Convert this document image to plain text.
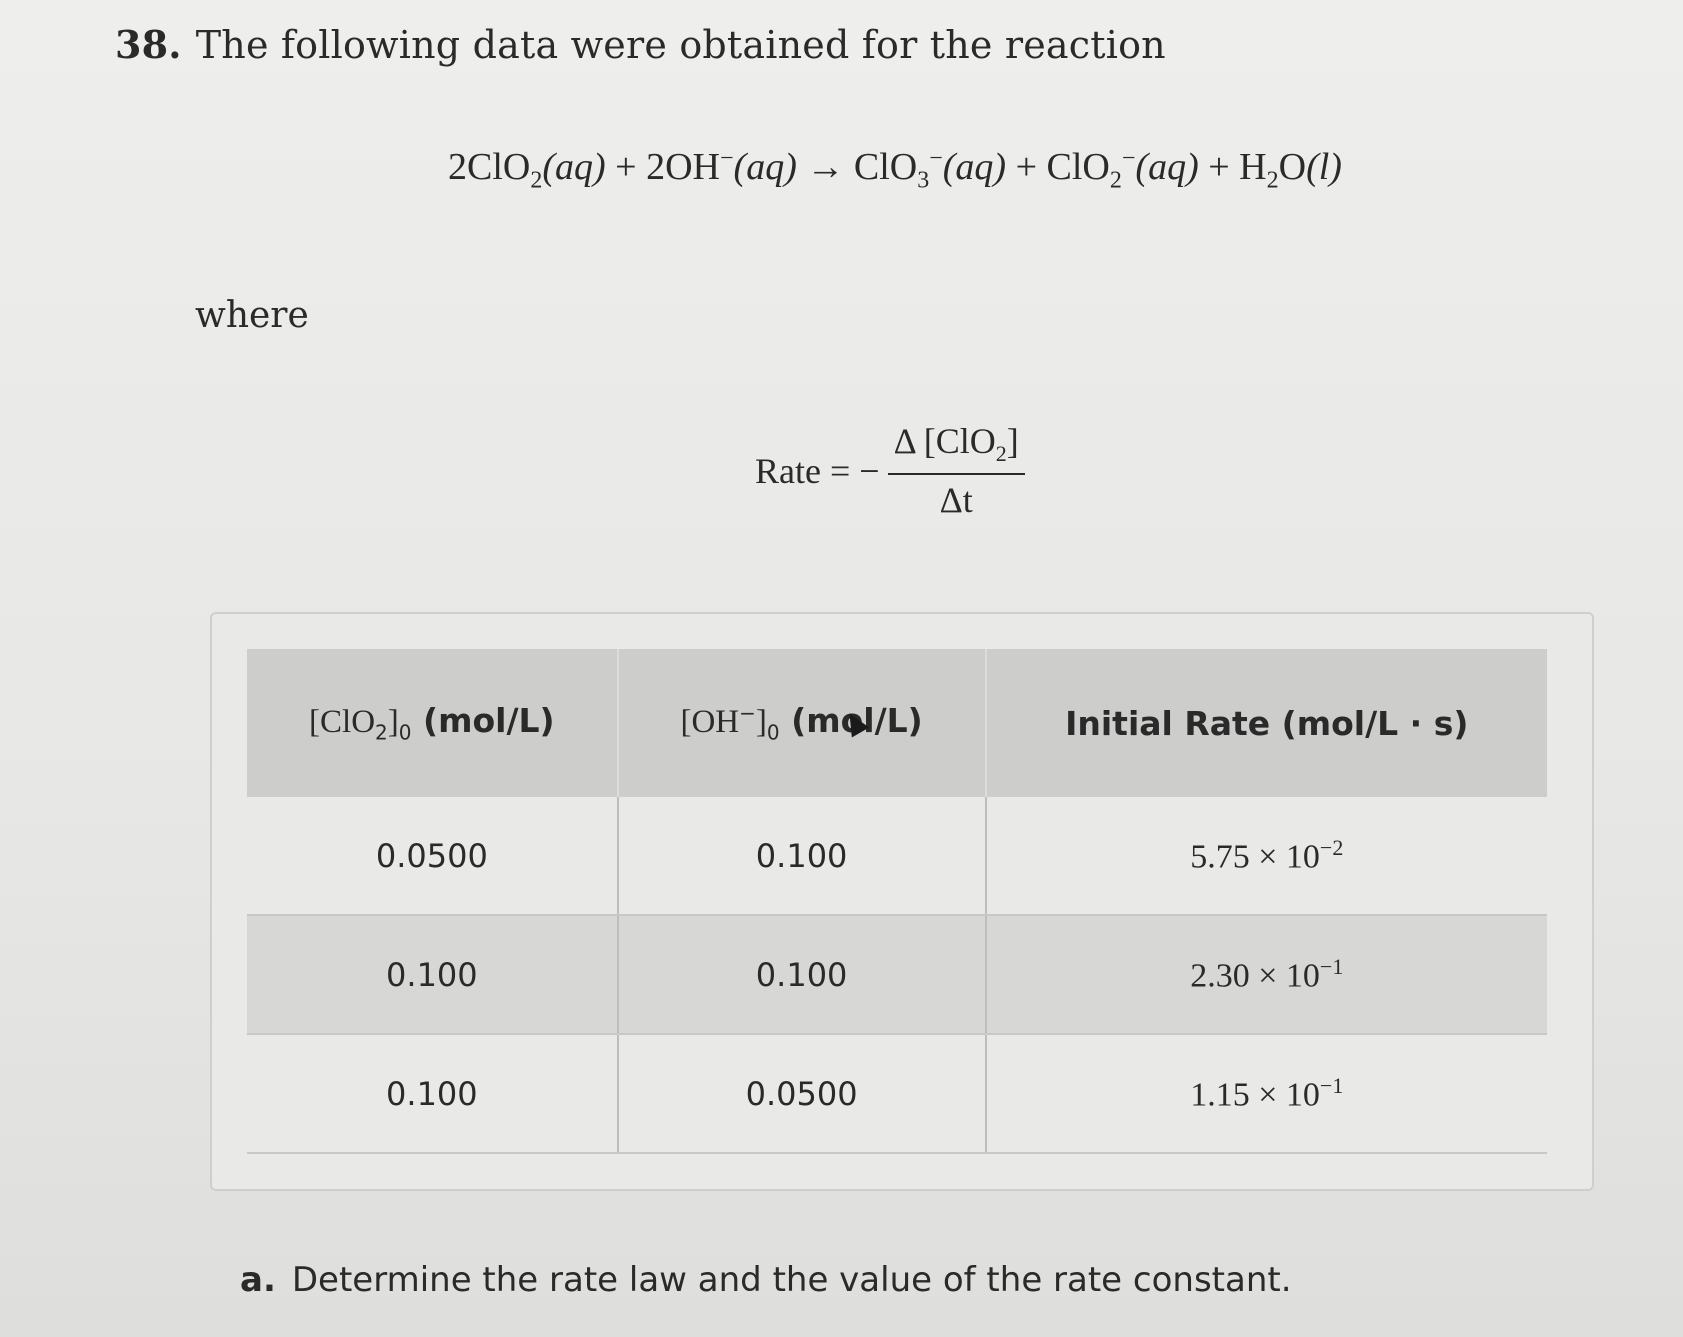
38. The following data were obtained for the reaction
$2ClO_2(aq) + 2OH^-(aq) \to ClO_3^-(aq) + ClO_2^-(aq) + H_2O(l)$
where
Rate = − $\frac{\Delta [ClO_2]}{\Delta t}$
$[ClO_2]_0$ (mol/L)	$[OH^-]_0$ (mol/L)	Initial Rate (mol/L · s)
0.0500	0.100	$5.75 \times 10^{-2}$
0.100	0.100	$2.30 \times 10^{-1}$
0.100	0.0500	$1.15 \times 10^{-1}$
a. Determine the rate law and the value of the rate constant.
